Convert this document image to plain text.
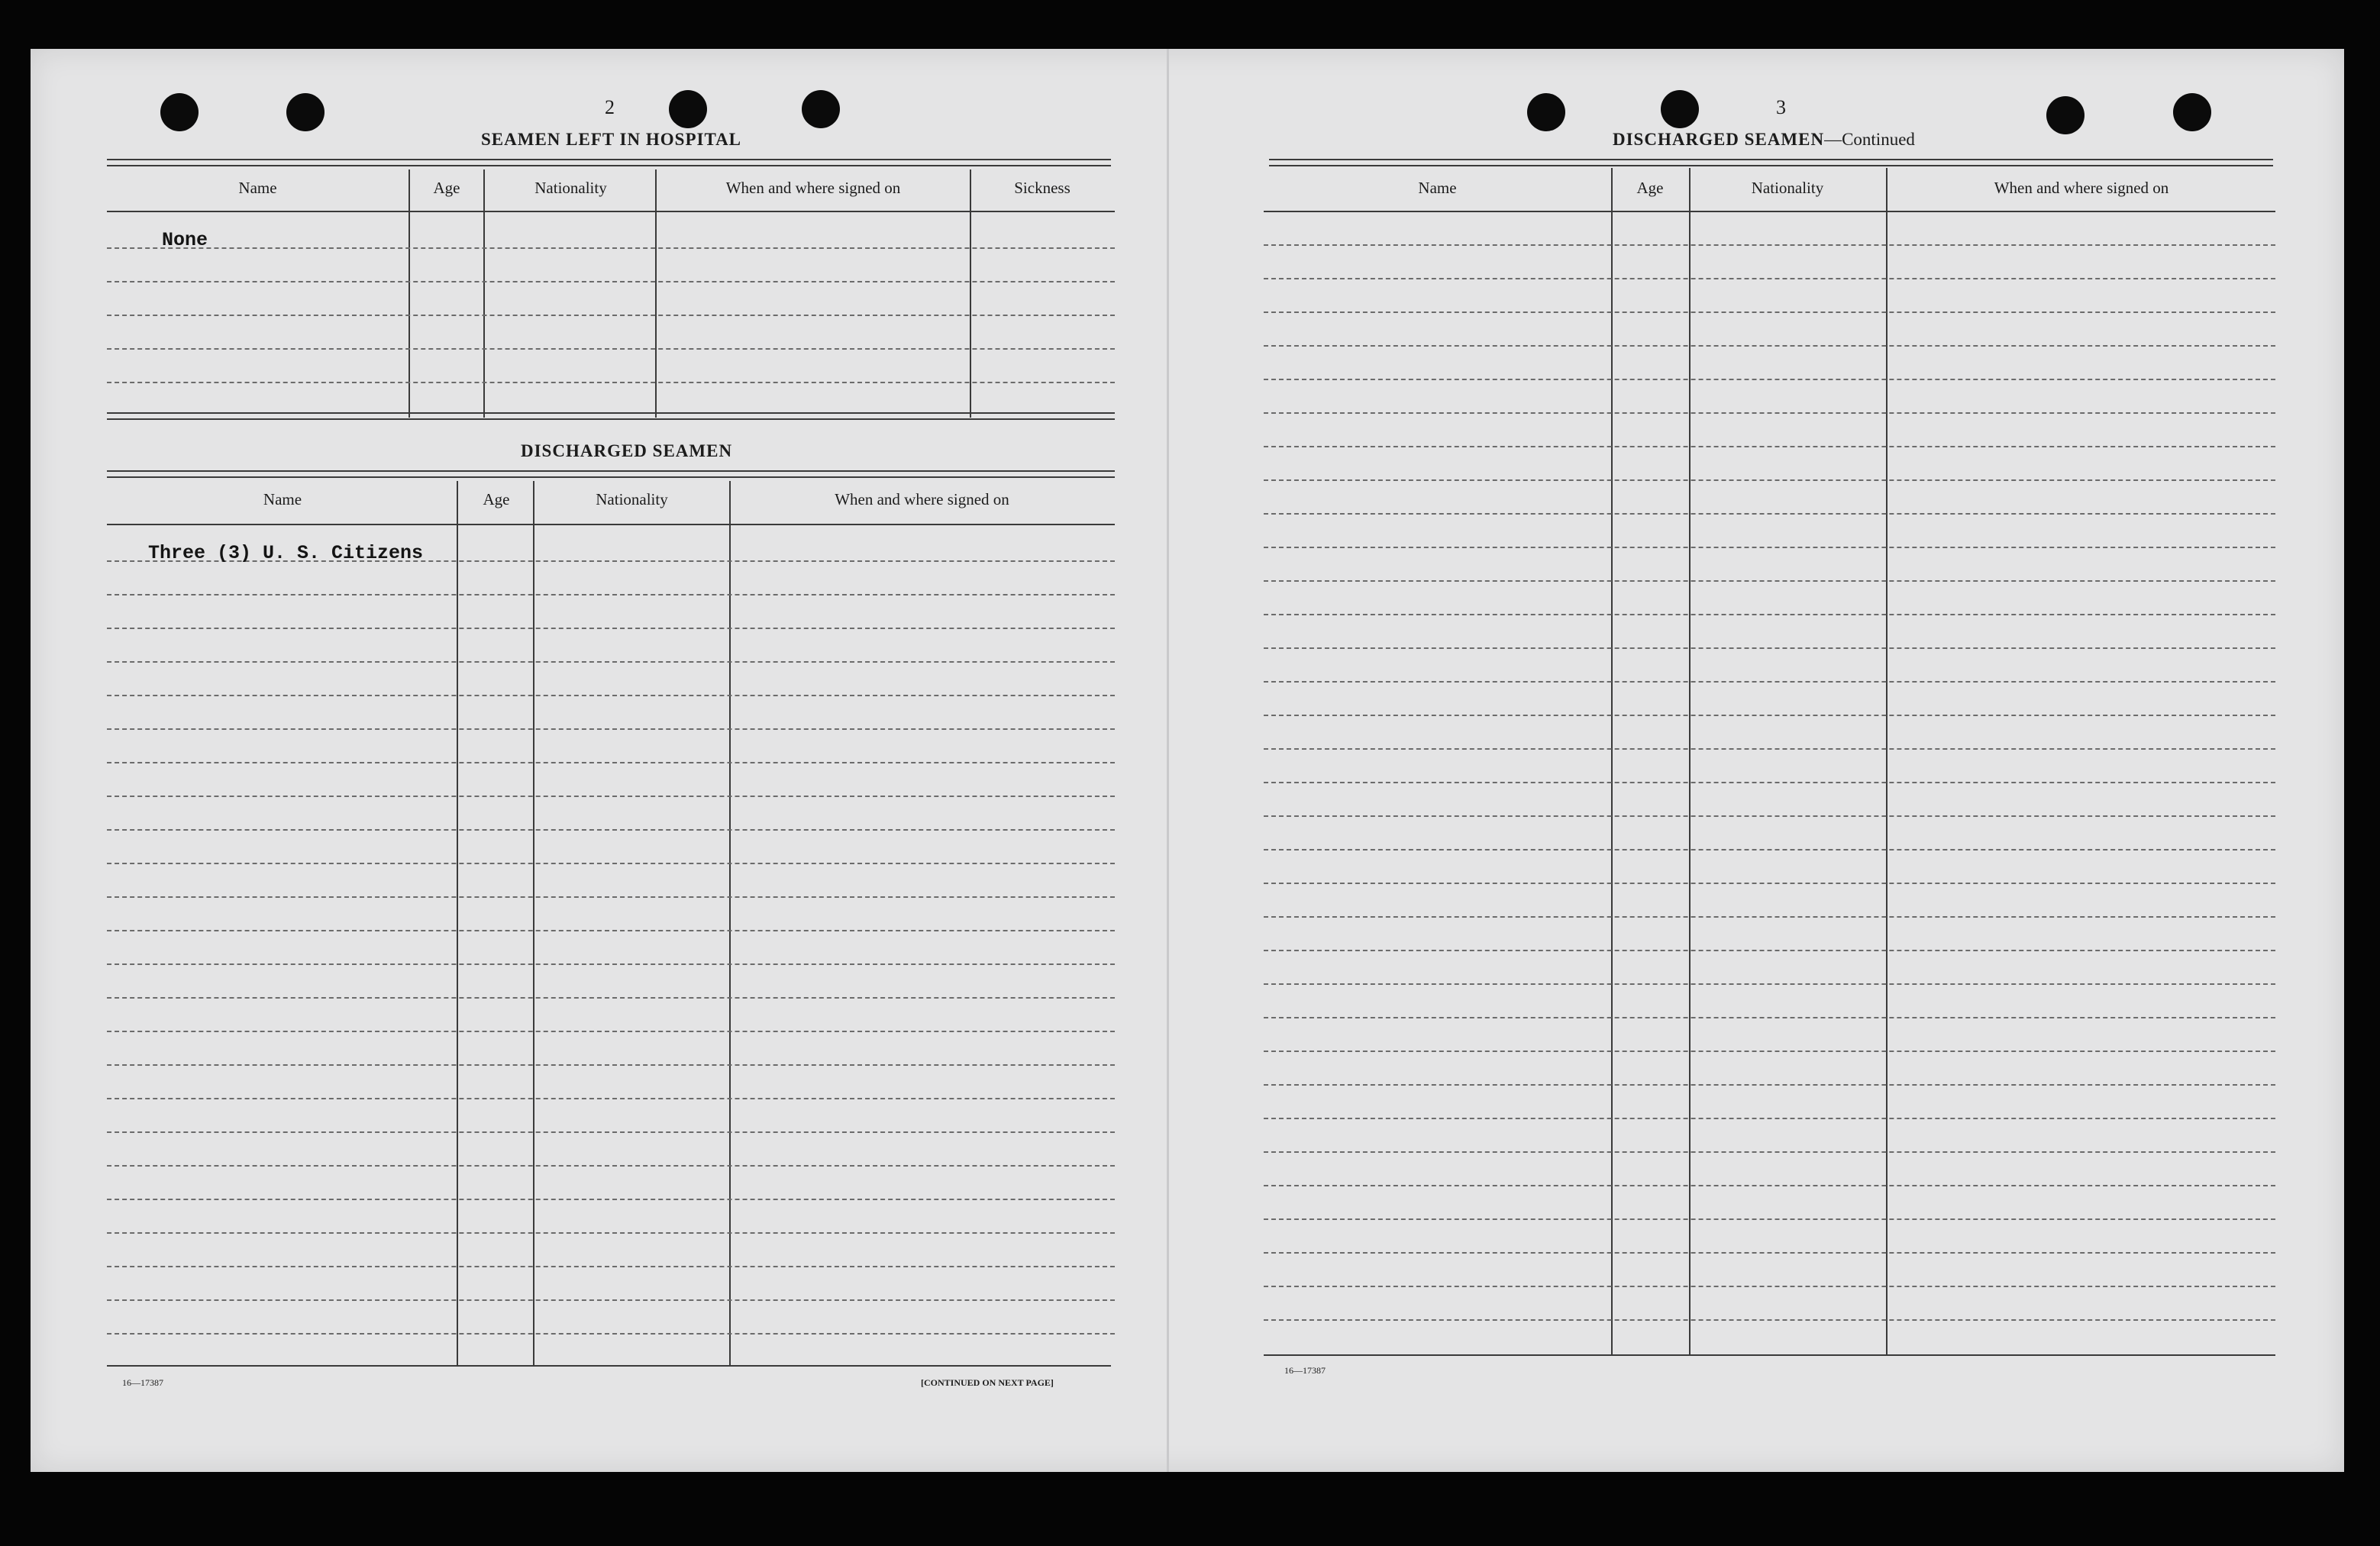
2
SEAMEN LEFT IN HOSPITAL
Name	Age	Nationality	When and where signed on	Sickness
None
DISCHARGED SEAMEN
Name	Age	Nationality	When and where signed on
Three (3) U. S. Citizens
16—17387	[CONTINUED ON NEXT PAGE]
3
DISCHARGED SEAMEN—Continued
Name	Age	Nationality	When and where signed on
16—17387
